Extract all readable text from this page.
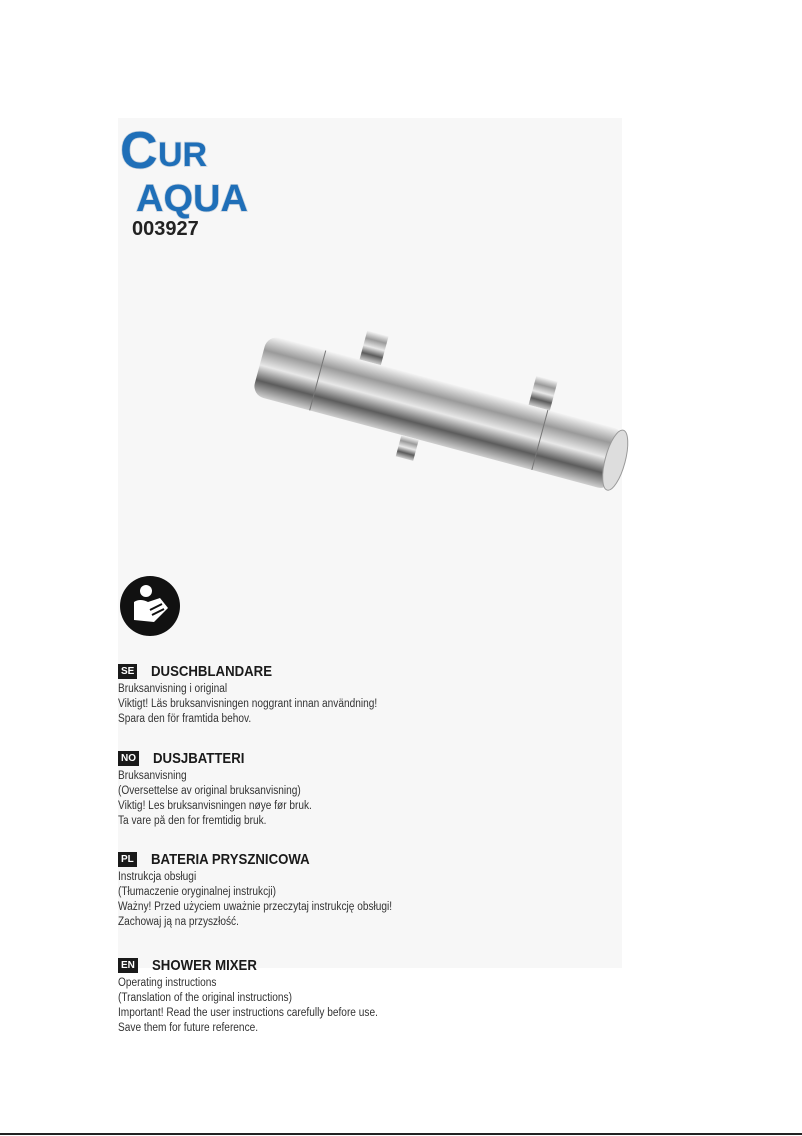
C UR
AQUA
003927
SE DUSCHBLANDARE
Bruksanvisning i original
Viktigt! Läs bruksanvisningen noggrant innan användning!
Spara den för framtida behov.
NO DUSJBATTERI
Bruksanvisning
(Oversettelse av original bruksanvisning)
Viktig! Les bruksanvisningen nøye før bruk.
Ta vare på den for fremtidig bruk.
PL BATERIA PRYSZNICOWA
Instrukcja obsługi
(Tłumaczenie oryginalnej instrukcji)
Ważny! Przed użyciem uważnie przeczytaj instrukcję obsługi!
Zachowaj ją na przyszłość.
EN SHOWER MIXER
Operating instructions
(Translation of the original instructions)
Important! Read the user instructions carefully before use.
Save them for future reference.
